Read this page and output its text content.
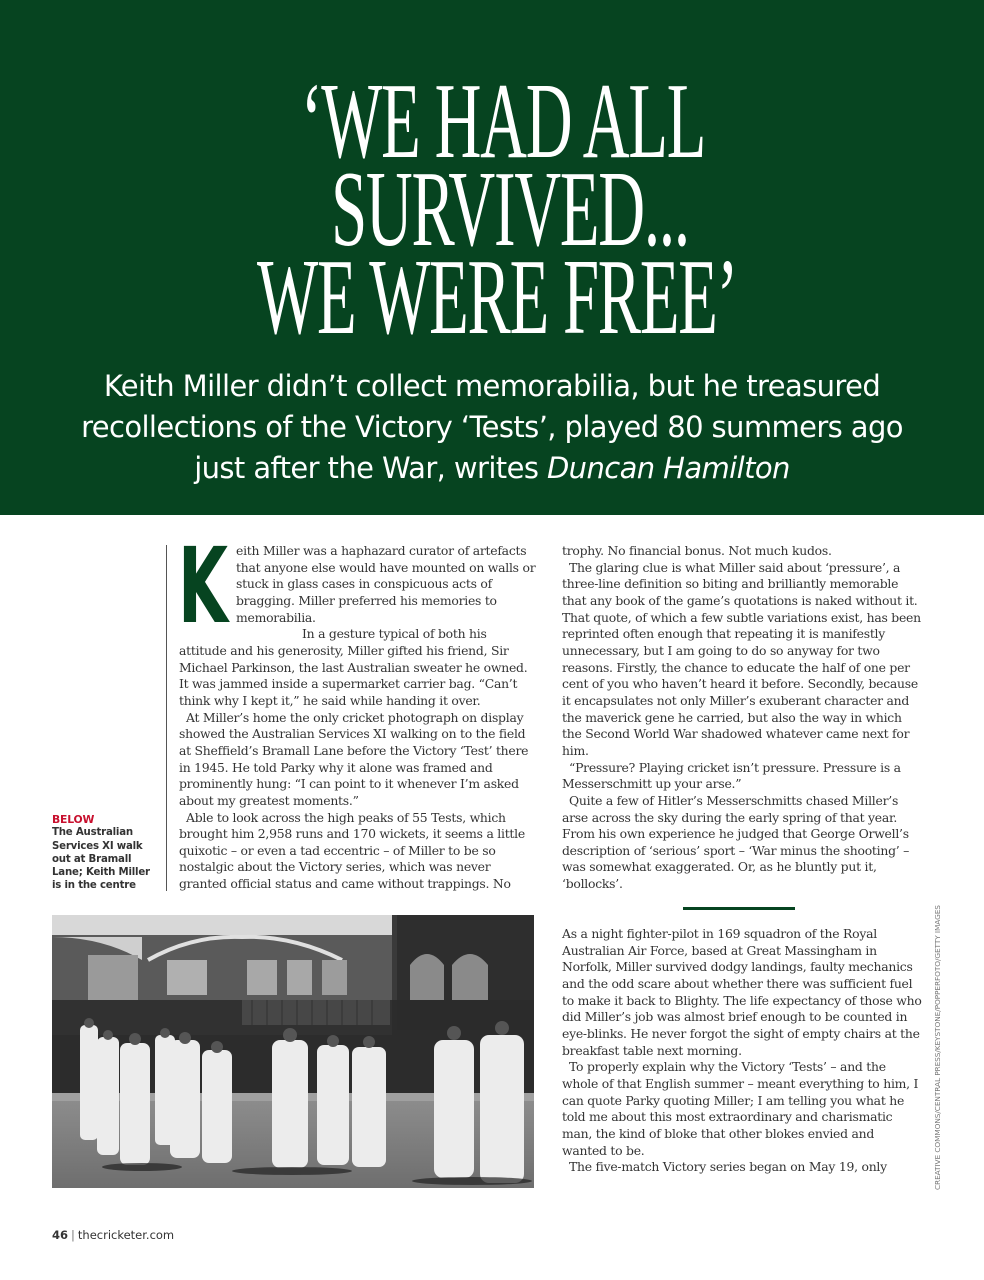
‘WE HAD ALL
SURVIVED...
WE WERE FREE’

Keith Miller didn’t collect memorabilia, but he treasured recollections of the Victory ‘Tests’, played 80 summers ago just after the War, writes Duncan Hamilton

BELOW
The Australian Services XI walk out at Bramall Lane; Keith Miller is in the centre

K eith Miller was a haphazard curator of artefacts that anyone else would have mounted on walls or stuck in glass cases in conspicuous acts of bragging. Miller preferred his memories to memorabilia.

In a gesture typical of both his attitude and his generosity, Miller gifted his friend, Sir Michael Parkinson, the last Australian sweater he owned. It was jammed inside a supermarket carrier bag. “Can’t think why I kept it,” he said while handing it over.

At Miller’s home the only cricket photograph on display showed the Australian Services XI walking on to the field at Sheffield’s Bramall Lane before the Victory ‘Test’ there in 1945. He told Parky why it alone was framed and prominently hung: “I can point to it whenever I’m asked about my greatest moments.”

Able to look across the high peaks of 55 Tests, which brought him 2,958 runs and 170 wickets, it seems a little quixotic – or even a tad eccentric – of Miller to be so nostalgic about the Victory series, which was never granted official status and came without trappings. No

trophy. No financial bonus. Not much kudos.

The glaring clue is what Miller said about ‘pressure’, a three-line definition so biting and brilliantly memorable that any book of the game’s quotations is naked without it. That quote, of which a few subtle variations exist, has been reprinted often enough that repeating it is manifestly unnecessary, but I am going to do so anyway for two reasons. Firstly, the chance to educate the half of one per cent of you who haven’t heard it before. Secondly, because it encapsulates not only Miller’s exuberant character and the maverick gene he carried, but also the way in which the Second World War shadowed whatever came next for him.

“Pressure? Playing cricket isn’t pressure. Pressure is a Messerschmitt up your arse.”

Quite a few of Hitler’s Messerschmitts chased Miller’s arse across the sky during the early spring of that year. From his own experience he judged that George Orwell’s description of ‘serious’ sport – ‘War minus the shooting’ – was somewhat exaggerated. Or, as he bluntly put it, ‘bollocks’.

As a night fighter-pilot in 169 squadron of the Royal Australian Air Force, based at Great Massingham in Norfolk, Miller survived dodgy landings, faulty mechanics and the odd scare about whether there was sufficient fuel to make it back to Blighty. The life expectancy of those who did Miller’s job was almost brief enough to be counted in eye-blinks. He never forgot the sight of empty chairs at the breakfast table next morning.

To properly explain why the Victory ‘Tests’ – and the whole of that English summer – meant everything to him, I can quote Parky quoting Miller; I am telling you what he told me about this most extraordinary and charismatic man, the kind of bloke that other blokes envied and wanted to be.

The five-match Victory series began on May 19, only	CREATIVE COMMONS/CENTRAL PRESS/KEYSTONE/POPPERFOTO/GETTY IMAGES
46 | thecricketer.com
